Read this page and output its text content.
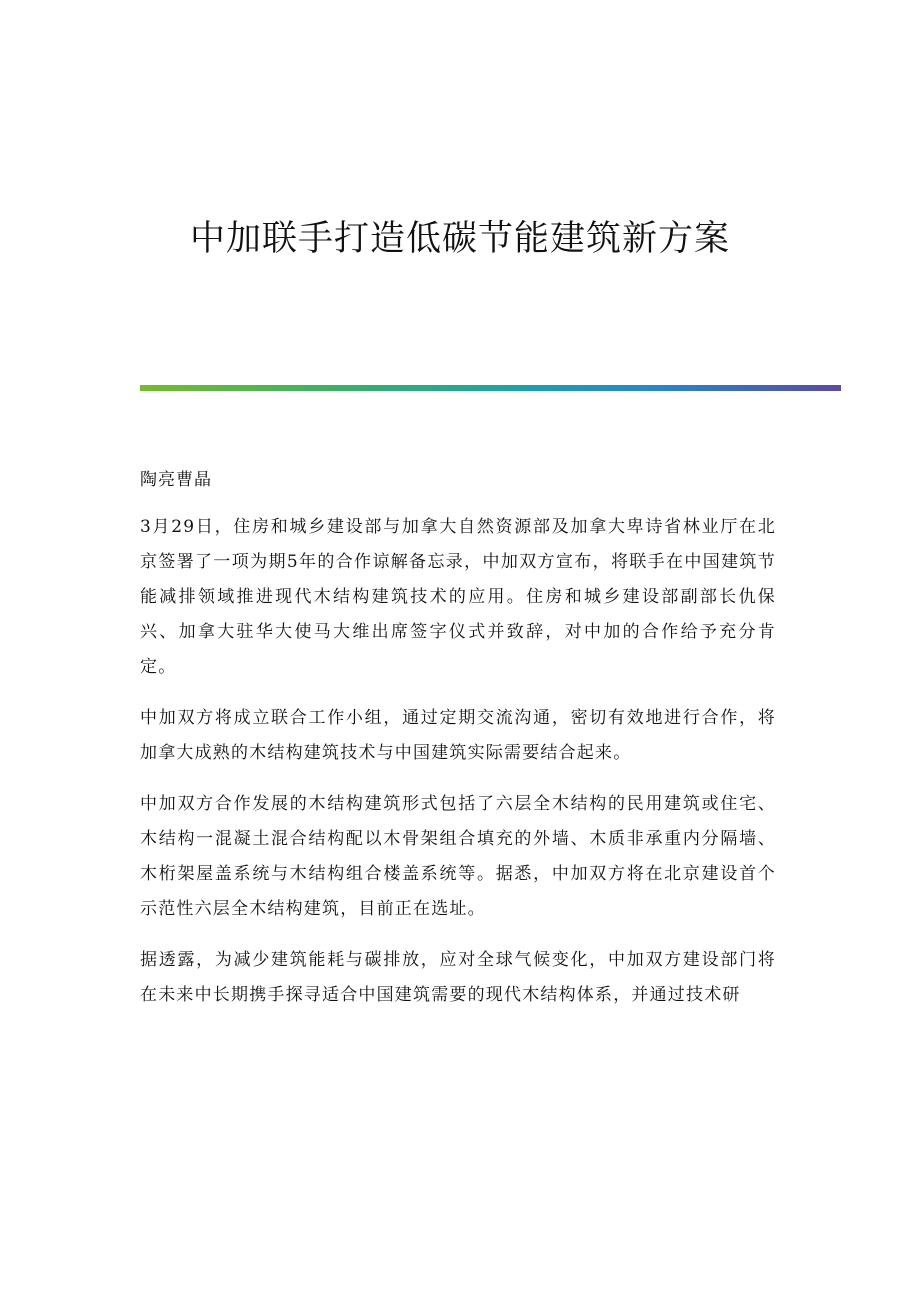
中加联手打造低碳节能建筑新方案

陶亮曹晶

3月29日，住房和城乡建设部与加拿大自然资源部及加拿大卑诗省林业厅在北京签署了一项为期5年的合作谅解备忘录，中加双方宣布，将联手在中国建筑节能减排领域推进现代木结构建筑技术的应用。住房和城乡建设部副部长仇保兴、加拿大驻华大使马大维出席签字仪式并致辞，对中加的合作给予充分肯定。

中加双方将成立联合工作小组，通过定期交流沟通，密切有效地进行合作，将加拿大成熟的木结构建筑技术与中国建筑实际需要结合起来。

中加双方合作发展的木结构建筑形式包括了六层全木结构的民用建筑或住宅、木结构一混凝土混合结构配以木骨架组合填充的外墙、木质非承重内分隔墙、木桁架屋盖系统与木结构组合楼盖系统等。据悉，中加双方将在北京建设首个示范性六层全木结构建筑，目前正在选址。

据透露，为减少建筑能耗与碳排放，应对全球气候变化，中加双方建设部门将在未来中长期携手探寻适合中国建筑需要的现代木结构体系，并通过技术研
